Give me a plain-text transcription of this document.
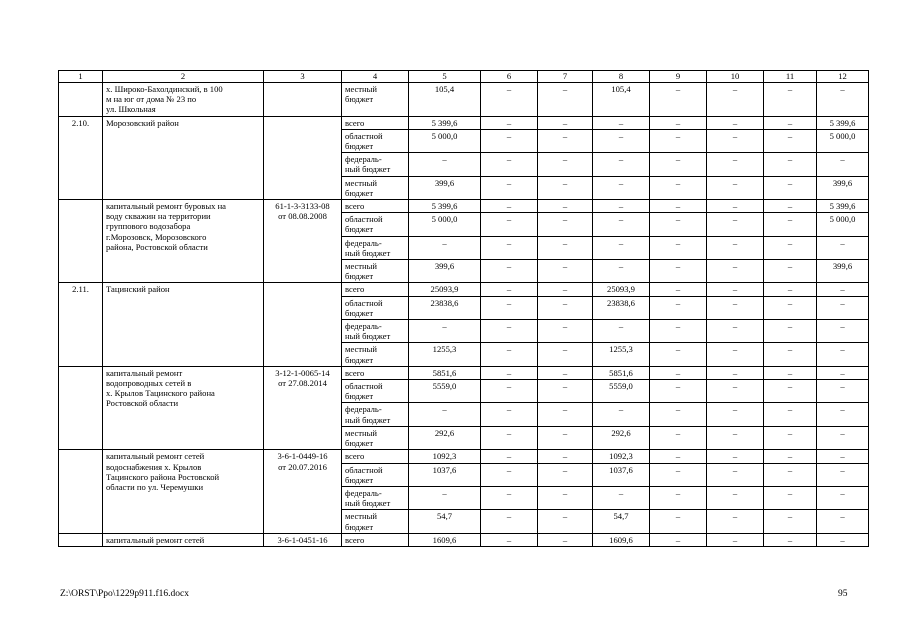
1	2	3	4	5	6	7	8	9	10	11	12
	х. Широко-Бахолдинский, в 100
м на юг от дома № 23 по
ул. Школьная		местный
бюджет	105,4	–	–	105,4	–	–	–	–
2.10.	Морозовский район		всего	5 399,6	–	–	–	–	–	–	5 399,6
			областной
бюджет	5 000,0	–	–	–	–	–	–	5 000,0
			федераль-
ный бюджет	–	–	–	–	–	–	–	–
			местный
бюджет	399,6	–	–	–	–	–	–	399,6
	капитальный ремонт буровых на
воду скважин на территории
группового водозабора
г.Морозовск, Морозовского
района, Ростовской области	61-1-3-3133-08
от 08.08.2008	всего	5 399,6	–	–	–	–	–	–	5 399,6
			областной
бюджет	5 000,0	–	–	–	–	–	–	5 000,0
			федераль-
ный бюджет	–	–	–	–	–	–	–	–
			местный
бюджет	399,6	–	–	–	–	–	–	399,6
2.11.	Тацинский район		всего	25093,9	–	–	25093,9	–	–	–	–
			областной
бюджет	23838,6	–	–	23838,6	–	–	–	–
			федераль-
ный бюджет	–	–	–	–	–	–	–	–
			местный
бюджет	1255,3	–	–	1255,3	–	–	–	–
	капитальный ремонт
водопроводных сетей в
х. Крылов Тацинского района
Ростовской области	3-12-1-0065-14
от 27.08.2014	всего	5851,6	–	–	5851,6	–	–	–	–
			областной
бюджет	5559,0	–	–	5559,0	–	–	–	–
			федераль-
ный бюджет	–	–	–	–	–	–	–	–
			местный
бюджет	292,6	–	–	292,6	–	–	–	–
	капитальный ремонт сетей
водоснабжения х. Крылов
Тацинского района Ростовской
области по ул. Черемушки	3-6-1-0449-16
от 20.07.2016	всего	1092,3	–	–	1092,3	–	–	–	–
			областной
бюджет	1037,6	–	–	1037,6	–	–	–	–
			федераль-
ный бюджет	–	–	–	–	–	–	–	–
			местный
бюджет	54,7	–	–	54,7	–	–	–	–
	капитальный ремонт сетей	3-6-1-0451-16	всего	1609,6	–	–	1609,6	–	–	–	–
Z:\ORST\Ppo\1229p911.f16.docx	95
